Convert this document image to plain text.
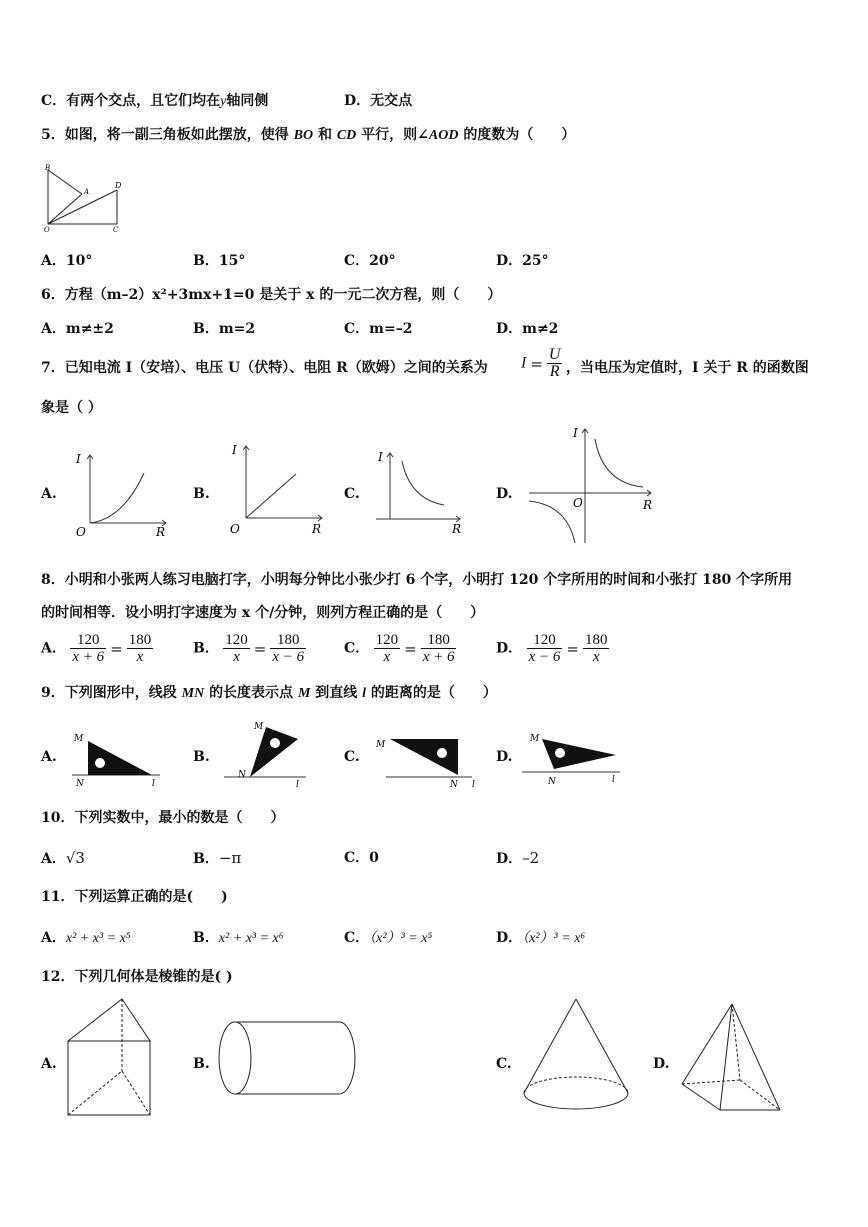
C．有两个交点，且它们均在y轴同侧	D．无交点
5．如图，将一副三角板如此摆放，使得 BO 和 CD 平行，则∠AOD 的度数为（　　）
B
A
D
O	C
A．10°	B．15°	C．20°	D．25°
6．方程（m–2）x²+3mx+1=0 是关于 x 的一元二次方程，则（　　）
A．m≠±2	B．m=2	C．m=–2	D．m≠2
7．已知电流 I（安培）、电压 U（伏特）、电阻 R（欧姆）之间的关系为 $I = \frac{U}{R}$ ，当电压为定值时，I 关于 R 的函数图
象是（ ）
A.
I
R
O
B.
I
R
O
C.
I
R
D.
I
R
O
8．小明和小张两人练习电脑打字，小明每分钟比小张少打 6 个字，小明打 120 个字所用的时间和小张打 180 个字所用
的时间相等．设小明打字速度为 x 个/分钟，则列方程正确的是（　　）
A． $\frac{120}{x + 6} = \frac{180}{x}$	B． $\frac{120}{x} = \frac{180}{x - 6}$	C． $\frac{120}{x} = \frac{180}{x + 6}$	D． $\frac{120}{x - 6} = \frac{180}{x}$
9．下列图形中，线段 MN 的长度表示点 M 到直线 l 的距离的是（　　）
A.
M
N	l
B.
M
N
l
C.
M
N l
D.
M
N	l
10．下列实数中，最小的数是（　　）
A．√3	B．−π	C．0	D．–2
11．下列运算正确的是(　　)
A．x² + x³ = x⁵	B．x² + x³ = x⁶	C．（x²）³ = x⁵	D．（x²）³ = x⁶
12．下列几何体是棱锥的是( )
A.	B.	C.	D.
